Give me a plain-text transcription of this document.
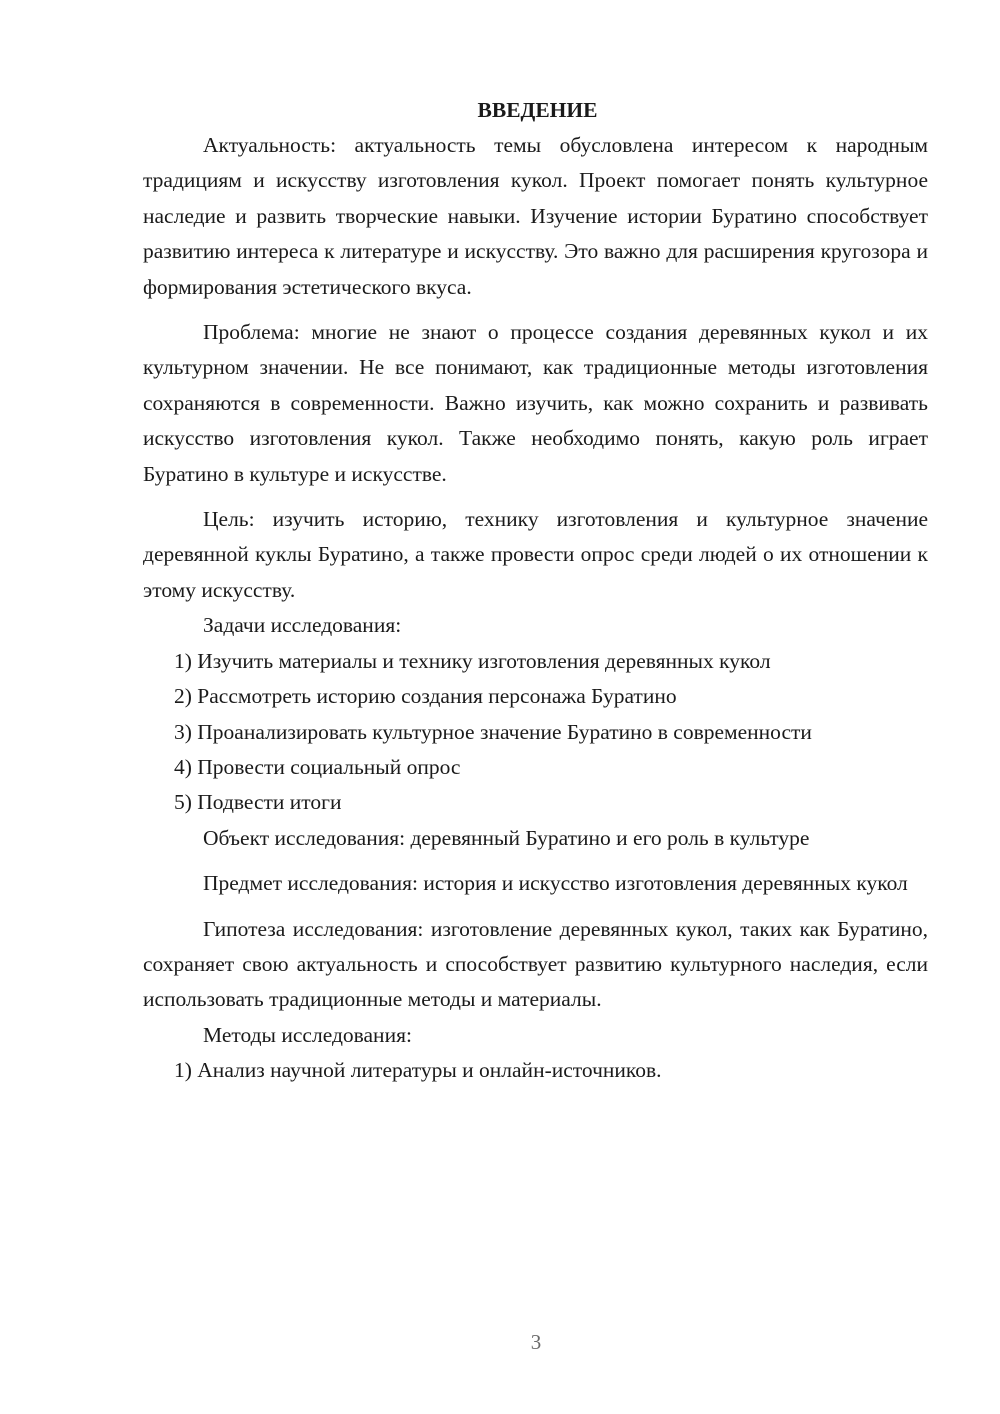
ВВЕДЕНИЕ

Актуальность: актуальность темы обусловлена интересом к народным традициям и искусству изготовления кукол. Проект помогает понять культурное наследие и развить творческие навыки. Изучение истории Буратино способствует развитию интереса к литературе и искусству. Это важно для расширения кругозора и формирования эстетического вкуса.

Проблема: многие не знают о процессе создания деревянных кукол и их культурном значении. Не все понимают, как традиционные методы изготовления сохраняются в современности. Важно изучить, как можно сохранить и развивать искусство изготовления кукол. Также необходимо понять, какую роль играет Буратино в культуре и искусстве.

Цель: изучить историю, технику изготовления и культурное значение деревянной куклы Буратино, а также провести опрос среди людей о их отношении к этому искусству.

Задачи исследования:

1) Изучить материалы и технику изготовления деревянных кукол

2) Рассмотреть историю создания персонажа Буратино

3) Проанализировать культурное значение Буратино в современности

4) Провести социальный опрос

5) Подвести итоги

Объект исследования: деревянный Буратино и его роль в культуре

Предмет исследования: история и искусство изготовления деревянных кукол

Гипотеза исследования: изготовление деревянных кукол, таких как Буратино, сохраняет свою актуальность и способствует развитию культурного наследия, если использовать традиционные методы и материалы.

Методы исследования:

1) Анализ научной литературы и онлайн-источников.

3
